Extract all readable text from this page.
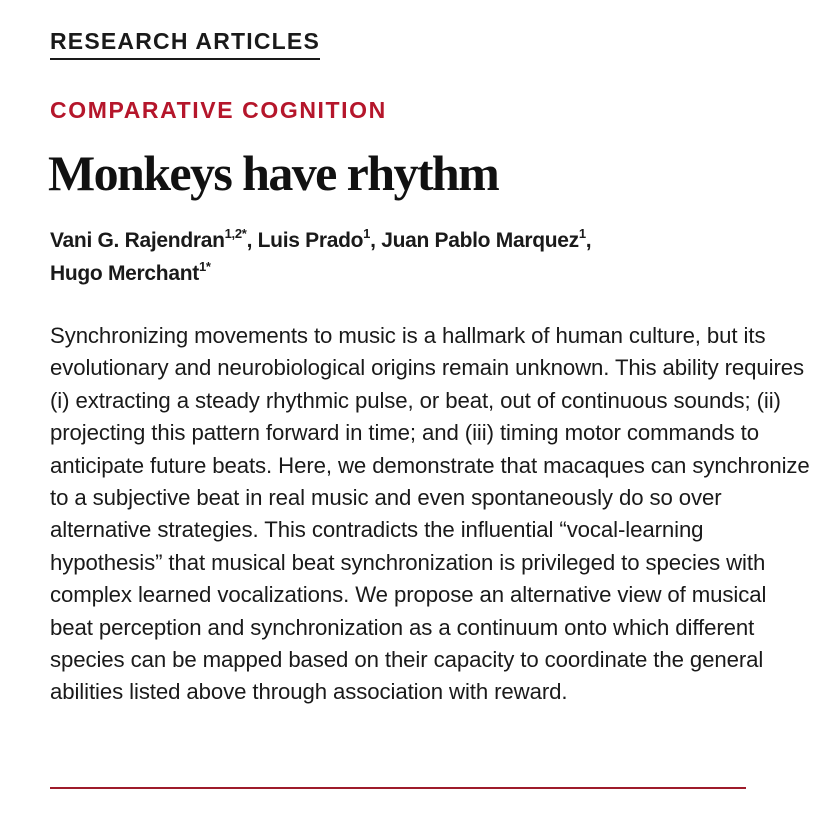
RESEARCH ARTICLES
COMPARATIVE COGNITION
Monkeys have rhythm
Vani G. Rajendran$^{1,2*}$, Luis Prado$^1$, Juan Pablo Marquez$^1$,
Hugo Merchant$^{1*}$

Synchronizing movements to music is a hallmark of human culture, but its evolutionary and neurobiological origins remain unknown. This ability requires (i) extracting a steady rhythmic pulse, or beat, out of continuous sounds; (ii) projecting this pattern forward in time; and (iii) timing motor commands to anticipate future beats. Here, we demonstrate that macaques can synchronize to a subjective beat in real music and even spontaneously do so over alternative strategies. This contradicts the influential “vocal-learning hypothesis” that musical beat synchronization is privileged to species with complex learned vocalizations. We propose an alternative view of musical beat perception and synchronization as a continuum onto which different species can be mapped based on their capacity to coordinate the general abilities listed above through association with reward.
